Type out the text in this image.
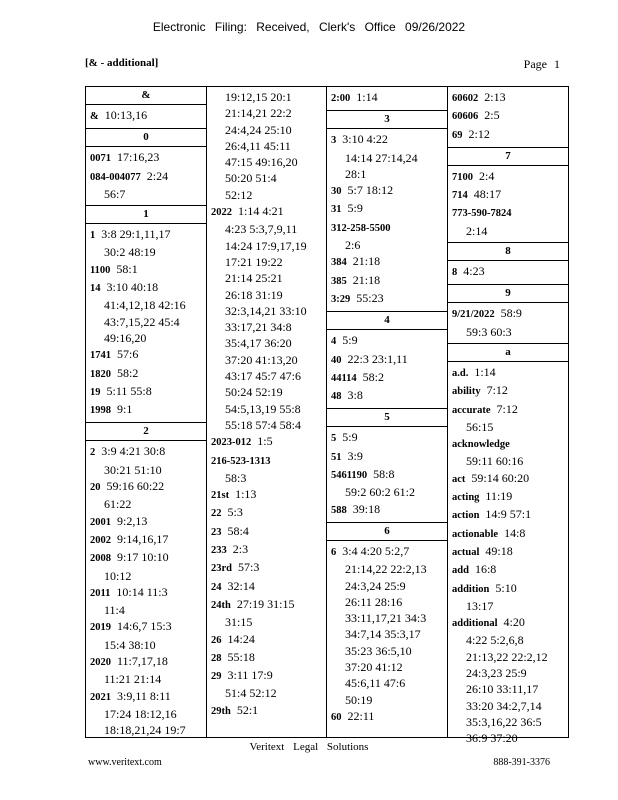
Electronic Filing: Received, Clerk's Office 09/26/2022
[& - additional]	Page 1
&
& 10:13,16
0
0071 17:16,23
084-004077 2:24
56:7
1
1 3:8 29:1,11,17
30:2 48:19
1100 58:1
14 3:10 40:18
41:4,12,18 42:16
43:7,15,22 45:4
49:16,20
1741 57:6
1820 58:2
19 5:11 55:8
1998 9:1
2
2 3:9 4:21 30:8
30:21 51:10
20 59:16 60:22
61:22
2001 9:2,13
2002 9:14,16,17
2008 9:17 10:10
10:12
2011 10:14 11:3
11:4
2019 14:6,7 15:3
15:4 38:10
2020 11:7,17,18
11:21 21:14
2021 3:9,11 8:11
17:24 18:12,16
18:18,21,24 19:7
19:12,15 20:1
21:14,21 22:2
24:4,24 25:10
26:4,11 45:11
47:15 49:16,20
50:20 51:4
52:12
2022 1:14 4:21
4:23 5:3,7,9,11
14:24 17:9,17,19
17:21 19:22
21:14 25:21
26:18 31:19
32:3,14,21 33:10
33:17,21 34:8
35:4,17 36:20
37:20 41:13,20
43:17 45:7 47:6
50:24 52:19
54:5,13,19 55:8
55:18 57:4 58:4
2023-012 1:5
216-523-1313
58:3
21st 1:13
22 5:3
23 58:4
233 2:3
23rd 57:3
24 32:14
24th 27:19 31:15
31:15
26 14:24
28 55:18
29 3:11 17:9
51:4 52:12
29th 52:1
2:00 1:14
3
3 3:10 4:22
14:14 27:14,24
28:1
30 5:7 18:12
31 5:9
312-258-5500
2:6
384 21:18
385 21:18
3:29 55:23
4
4 5:9
40 22:3 23:1,11
44114 58:2
48 3:8
5
5 5:9
51 3:9
5461190 58:8
59:2 60:2 61:2
588 39:18
6
6 3:4 4:20 5:2,7
21:14,22 22:2,13
24:3,24 25:9
26:11 28:16
33:11,17,21 34:3
34:7,14 35:3,17
35:23 36:5,10
37:20 41:12
45:6,11 47:6
50:19
60 22:11
60602 2:13
60606 2:5
69 2:12
7
7100 2:4
714 48:17
773-590-7824
2:14
8
8 4:23
9
9/21/2022 58:9
59:3 60:3
a
a.d. 1:14
ability 7:12
accurate 7:12
56:15
acknowledge
59:11 60:16
act 59:14 60:20
acting 11:19
action 14:9 57:1
actionable 14:8
actual 49:18
add 16:8
addition 5:10
13:17
additional 4:20
4:22 5:2,6,8
21:13,22 22:2,12
24:3,23 25:9
26:10 33:11,17
33:20 34:2,7,14
35:3,16,22 36:5
36:9 37:20
Veritext Legal Solutions
www.veritext.com	888-391-3376
